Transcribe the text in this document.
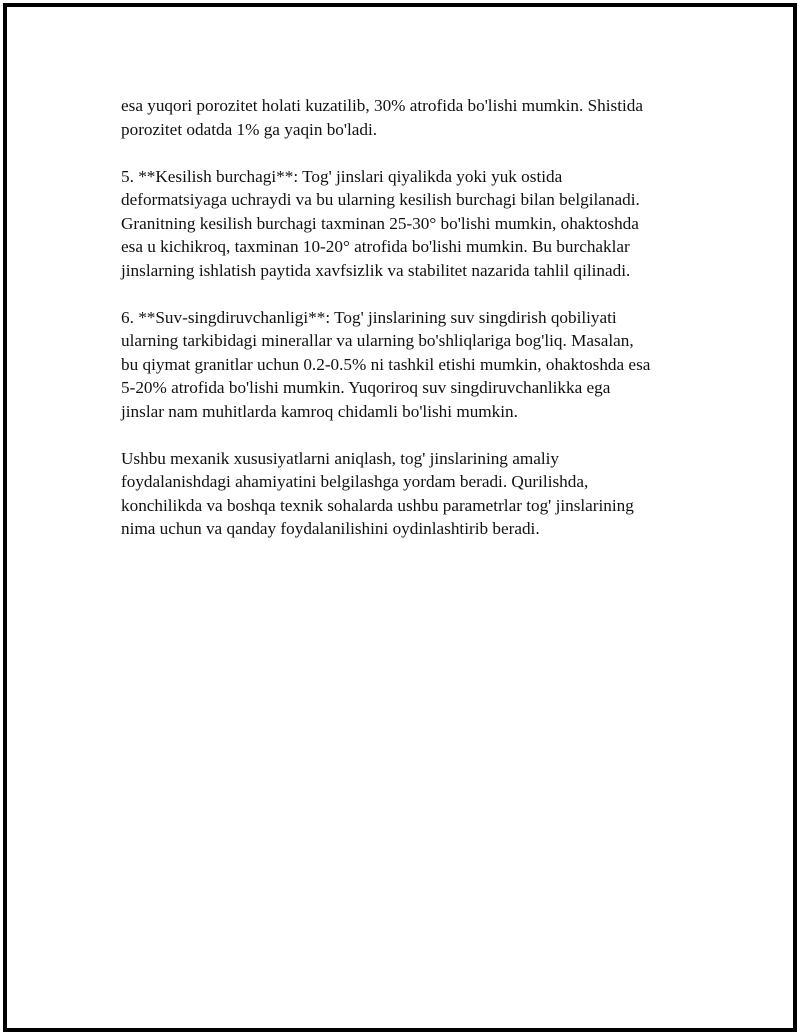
esa yuqori porozitet holati kuzatilib, 30% atrofida bo'lishi mumkin. Shistida
porozitet odatda 1% ga yaqin bo'ladi.

5. **Kesilish burchagi**: Tog' jinslari qiyalikda yoki yuk ostida
deformatsiyaga uchraydi va bu ularning kesilish burchagi bilan belgilanadi.
Granitning kesilish burchagi taxminan 25-30° bo'lishi mumkin, ohaktoshda
esa u kichikroq, taxminan 10-20° atrofida bo'lishi mumkin. Bu burchaklar
jinslarning ishlatish paytida xavfsizlik va stabilitet nazarida tahlil qilinadi.

6. **Suv-singdiruvchanligi**: Tog' jinslarining suv singdirish qobiliyati
ularning tarkibidagi minerallar va ularning bo'shliqlariga bog'liq. Masalan,
bu qiymat granitlar uchun 0.2-0.5% ni tashkil etishi mumkin, ohaktoshda esa
5-20% atrofida bo'lishi mumkin. Yuqoriroq suv singdiruvchanlikka ega
jinslar nam muhitlarda kamroq chidamli bo'lishi mumkin.

Ushbu mexanik xususiyatlarni aniqlash, tog' jinslarining amaliy
foydalanishdagi ahamiyatini belgilashga yordam beradi. Qurilishda,
konchilikda va boshqa texnik sohalarda ushbu parametrlar tog' jinslarining
nima uchun va qanday foydalanilishini oydinlashtirib beradi.
